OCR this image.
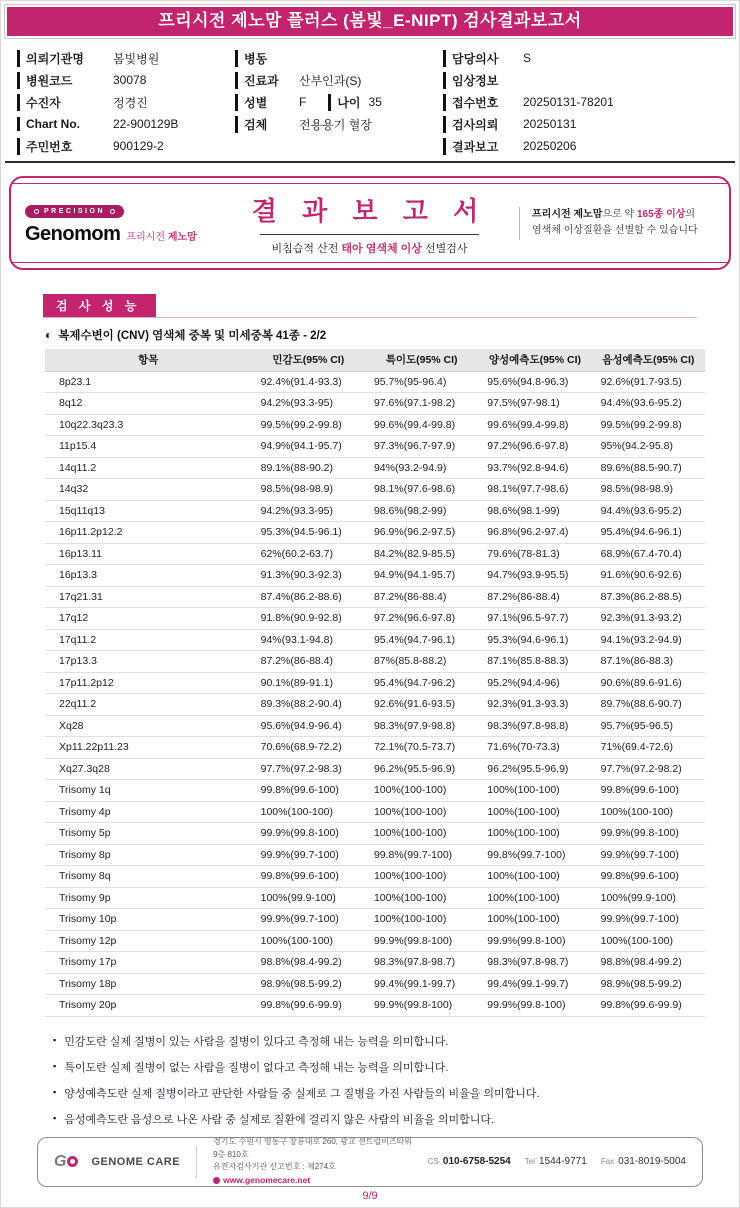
프리시전 제노맘 플러스 (봄빛_E-NIPT) 검사결과보고서
의뢰기관명	봄빛병원
병원코드	30078
수진자	정경진
Chart No.	22-900129B
주민번호	900129-2
병동
진료과	산부인과(S)
성별	F	나이 35
검체	전용용기 혈장
담당의사	S
임상정보
접수번호	20250131-78201
검사의뢰	20250131
결과보고	20250206
PRECISION
Genomom 프리시전 제노맘
결 과 보 고 서
비침습적 산전 태아 염색체 이상 선별검사
프리시전 제노맘으로 약 165종 이상의
염색체 이상질환을 선별할 수 있습니다
검 사 성 능
◐ 복제수변이 (CNV) 염색체 중복 및 미세중복 41종 - 2/2
항목	민감도(95% CI)	특이도(95% CI)	양성예측도(95% CI)	음성예측도(95% CI)
8p23.1	92.4%(91.4-93.3)	95.7%(95-96.4)	95.6%(94.8-96.3)	92.6%(91.7-93.5)
8q12	94.2%(93.3-95)	97.6%(97.1-98.2)	97.5%(97-98.1)	94.4%(93.6-95.2)
10q22.3q23.3	99.5%(99.2-99.8)	99.6%(99.4-99.8)	99.6%(99.4-99.8)	99.5%(99.2-99.8)
11p15.4	94.9%(94.1-95.7)	97.3%(96.7-97.9)	97.2%(96.6-97.8)	95%(94.2-95.8)
14q11.2	89.1%(88-90.2)	94%(93.2-94.9)	93.7%(92.8-94.6)	89.6%(88.5-90.7)
14q32	98.5%(98-98.9)	98.1%(97.6-98.6)	98.1%(97.7-98.6)	98.5%(98-98.9)
15q11q13	94.2%(93.3-95)	98.6%(98.2-99)	98.6%(98.1-99)	94.4%(93.6-95.2)
16p11.2p12.2	95.3%(94.5-96.1)	96.9%(96.2-97.5)	96.8%(96.2-97.4)	95.4%(94.6-96.1)
16p13.11	62%(60.2-63.7)	84.2%(82.9-85.5)	79.6%(78-81.3)	68.9%(67.4-70.4)
16p13.3	91.3%(90.3-92.3)	94.9%(94.1-95.7)	94.7%(93.9-95.5)	91.6%(90.6-92.6)
17q21.31	87.4%(86.2-88.6)	87.2%(86-88.4)	87.2%(86-88.4)	87.3%(86.2-88.5)
17q12	91.8%(90.9-92.8)	97.2%(96.6-97.8)	97.1%(96.5-97.7)	92.3%(91.3-93.2)
17q11.2	94%(93.1-94.8)	95.4%(94.7-96.1)	95.3%(94.6-96.1)	94.1%(93.2-94.9)
17p13.3	87.2%(86-88.4)	87%(85.8-88.2)	87.1%(85.8-88.3)	87.1%(86-88.3)
17p11.2p12	90.1%(89-91.1)	95.4%(94.7-96.2)	95.2%(94.4-96)	90.6%(89.6-91.6)
22q11.2	89.3%(88.2-90.4)	92.6%(91.6-93.5)	92.3%(91.3-93.3)	89.7%(88.6-90.7)
Xq28	95.6%(94.9-96.4)	98.3%(97.9-98.8)	98.3%(97.8-98.8)	95.7%(95-96.5)
Xp11.22p11.23	70.6%(68.9-72.2)	72.1%(70.5-73.7)	71.6%(70-73.3)	71%(69.4-72.6)
Xq27.3q28	97.7%(97.2-98.3)	96.2%(95.5-96.9)	96.2%(95.5-96.9)	97.7%(97.2-98.2)
Trisomy 1q	99.8%(99.6-100)	100%(100-100)	100%(100-100)	99.8%(99.6-100)
Trisomy 4p	100%(100-100)	100%(100-100)	100%(100-100)	100%(100-100)
Trisomy 5p	99.9%(99.8-100)	100%(100-100)	100%(100-100)	99.9%(99.8-100)
Trisomy 8p	99.9%(99.7-100)	99.8%(99.7-100)	99.8%(99.7-100)	99.9%(99.7-100)
Trisomy 8q	99.8%(99.6-100)	100%(100-100)	100%(100-100)	99.8%(99.6-100)
Trisomy 9p	100%(99.9-100)	100%(100-100)	100%(100-100)	100%(99.9-100)
Trisomy 10p	99.9%(99.7-100)	100%(100-100)	100%(100-100)	99.9%(99.7-100)
Trisomy 12p	100%(100-100)	99.9%(99.8-100)	99.9%(99.8-100)	100%(100-100)
Trisomy 17p	98.8%(98.4-99.2)	98.3%(97.8-98.7)	98.3%(97.8-98.7)	98.8%(98.4-99.2)
Trisomy 18p	98.9%(98.5-99.2)	99.4%(99.1-99.7)	99.4%(99.1-99.7)	98.9%(98.5-99.2)
Trisomy 20p	99.8%(99.6-99.9)	99.9%(99.8-100)	99.9%(99.8-100)	99.8%(99.6-99.9)
▪ 민감도란 실제 질병이 있는 사람을 질병이 있다고 측정해 내는 능력을 의미합니다.
▪ 특이도란 실제 질병이 없는 사람을 질병이 없다고 측정해 내는 능력을 의미합니다.
▪ 양성예측도란 실제 질병이라고 판단한 사람들 중 실제로 그 질병을 가진 사람들의 비율을 의미합니다.
▪ 음성예측도란 음성으로 나온 사람 중 실제로 질환에 걸리지 않은 사람의 비율을 의미합니다.
G GENOME CARE
경기도 수원시 영통구 창룡대로 260, 광교 센트럴비즈타워 9층 810호
유전자검사기관 신고번호 : 제274호
www.genomecare.net
CS 010-6758-5254 Tel 1544-9771 Fax 031-8019-5004
9/9
